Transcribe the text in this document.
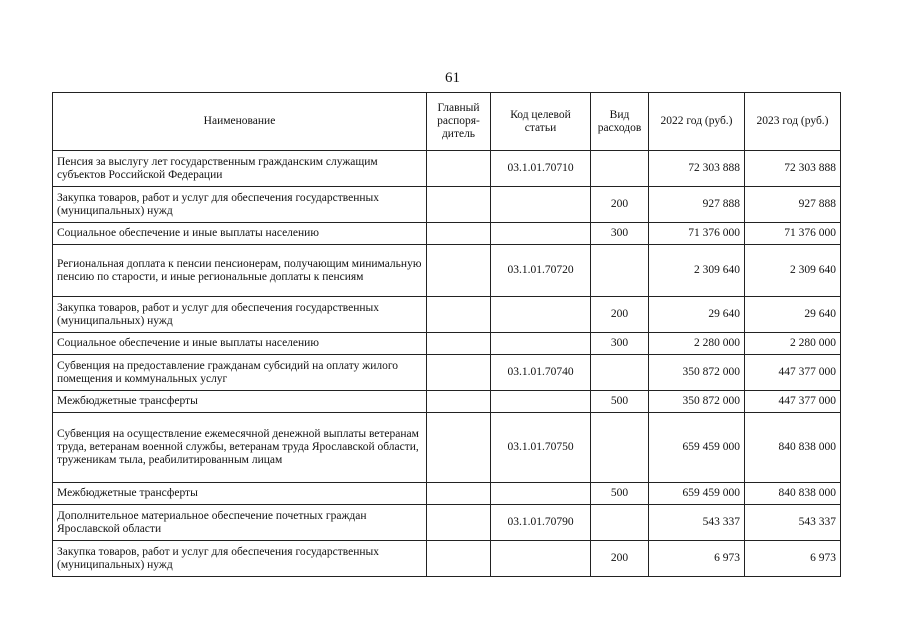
61
Наименование	Главный распоря-дитель	Код целевой статьи	Вид расходов	2022 год (руб.)	2023 год (руб.)
Пенсия за выслугу лет государственным гражданским служащим субъектов Российской Федерации		03.1.01.70710		72 303 888	72 303 888
Закупка товаров, работ и услуг для обеспечения государственных (муниципальных) нужд			200	927 888	927 888
Социальное обеспечение и иные выплаты населению			300	71 376 000	71 376 000
Региональная доплата к пенсии пенсионерам, получающим минимальную пенсию по старости, и иные региональные доплаты к пенсиям		03.1.01.70720		2 309 640	2 309 640
Закупка товаров, работ и услуг для обеспечения государственных (муниципальных) нужд			200	29 640	29 640
Социальное обеспечение и иные выплаты населению			300	2 280 000	2 280 000
Субвенция на предоставление гражданам субсидий на оплату жилого помещения и коммунальных услуг		03.1.01.70740		350 872 000	447 377 000
Межбюджетные трансферты			500	350 872 000	447 377 000
Субвенция на осуществление ежемесячной денежной выплаты ветеранам труда, ветеранам военной службы, ветеранам труда Ярославской области, труженикам тыла, реабилитированным лицам		03.1.01.70750		659 459 000	840 838 000
Межбюджетные трансферты			500	659 459 000	840 838 000
Дополнительное материальное обеспечение почетных граждан Ярославской области		03.1.01.70790		543 337	543 337
Закупка товаров, работ и услуг для обеспечения государственных (муниципальных) нужд			200	6 973	6 973
